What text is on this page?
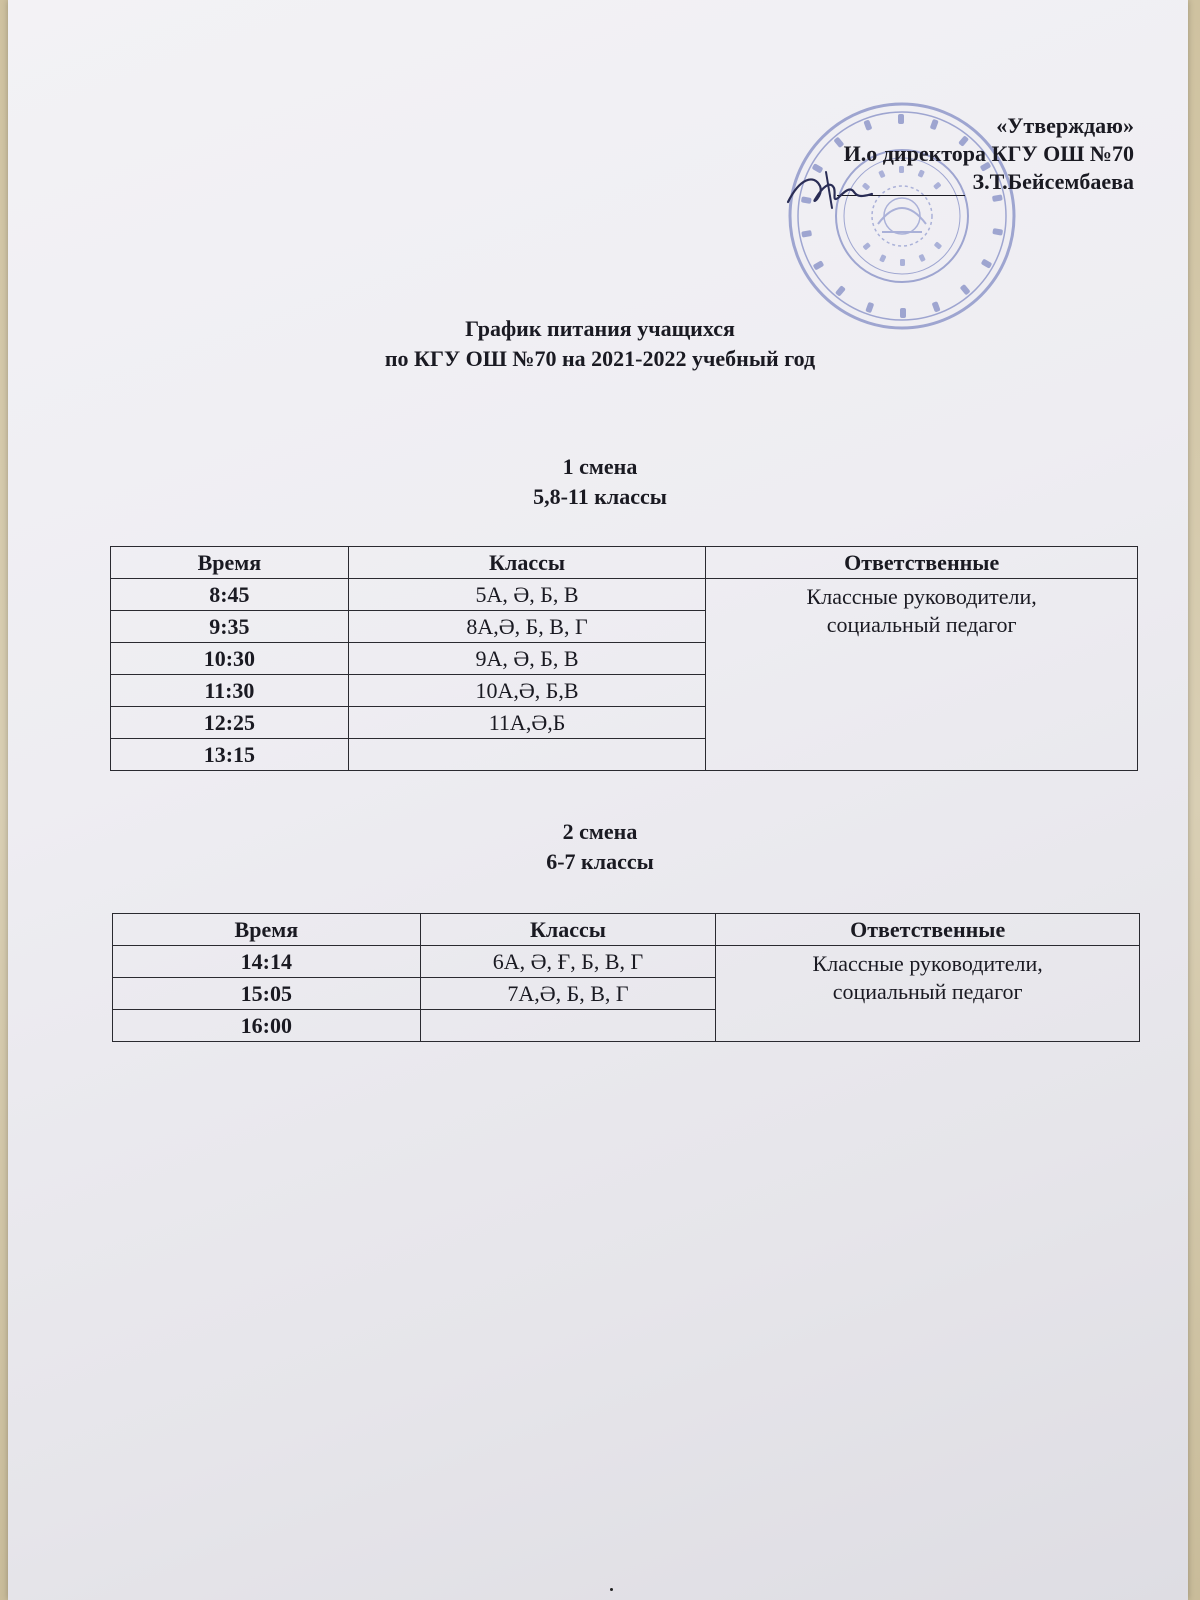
«Утверждаю»
И.о директора КГУ ОШ №70
З.Т.Бейсембаева
График питания учащихся
по КГУ ОШ №70 на 2021-2022 учебный год
1 смена
5,8-11 классы
Время	Классы	Ответственные
8:45	5А, Ә, Б, В	Классные руководители,
социальный педагог

9:35	8А,Ә, Б, В, Г	
10:30	9А, Ә, Б, В	
11:30	10А,Ә, Б,В	
12:25	11А,Ә,Б	
13:15		
2 смена
6-7 классы
Время	Классы	Ответственные
14:14	6А, Ә, Ғ, Б, В, Г	Классные руководители,
социальный педагог

15:05	7А,Ә, Б, В, Г	
16:00		
